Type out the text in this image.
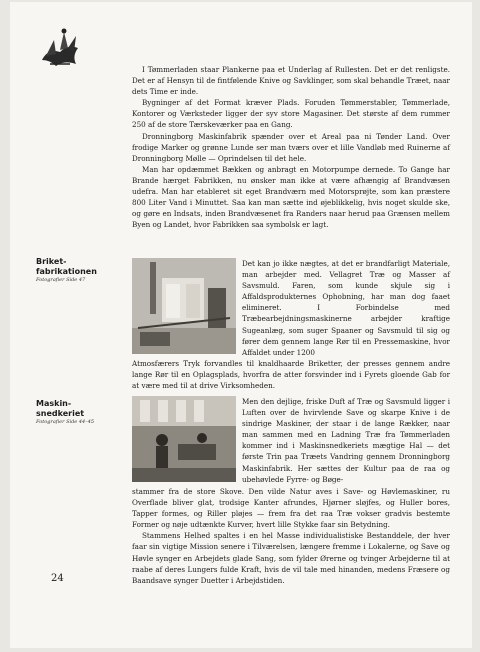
I Tømmerladen staar Plankerne paa et Underlag af Rullesten. Det er det renligste. Det er af Hensyn til de fintfølende Knive og Savklinger, som skal behandle Træet, naar dets Time er inde.

Bygninger af det Format kræver Plads. Foruden Tømmerstabler, Tømmerlade, Kontorer og Værksteder ligger der syv store Magasiner. Det største af dem rummer 250 af de store Tærskeværker paa en Gang.

Dronningborg Maskinfabrik spænder over et Areal paa ni Tønder Land. Over frodige Marker og grønne Lunde ser man tværs over et lille Vandløb med Ruinerne af Dronningborg Mølle — Oprindelsen til det hele.

Man har opdæmmet Bækken og anbragt en Motorpumpe dernede. To Gange har Brande hærget Fabrikken, nu ønsker man ikke at være afhængig af Brandvæsen udefra. Man har etableret sit eget Brandværn med Motorsprøjte, som kan præstere 800 Liter Vand i Minuttet. Saa kan man sætte ind øjeblikkelig, hvis noget skulde ske, og gøre en Indsats, inden Brandvæsenet fra Randers naar herud paa Grænsen mellem Byen og Landet, hvor Fabrikken saa symbolsk er lagt.

Briket-
fabrikationen
Fotografier Side 47

Det kan jo ikke nægtes, at det er brandfarligt Materiale, man arbejder med. Vellagret Træ og Masser af Savsmuld. Faren, som kunde skjule sig i Affaldsprodukternes Ophobning, har man dog faaet elimineret. I Forbindelse med Træbearbejdningsmaskinerne arbejder kraftige Sugeanlæg, som suger Spaaner og Savsmuld til sig og fører dem gennem lange Rør til en Pressemaskine, hvor Affaldet under 1200

Atmosfærers Tryk forvandles til knaldhaarde Briketter, der presses gennem andre lange Rør til en Oplagsplads, hvorfra de atter forsvinder ind i Fyrets gloende Gab for at være med til at drive Virksomheden.

Maskin-
snedkeriet
Fotografier Side 44–45

Men den dejlige, friske Duft af Træ og Savsmuld ligger i Luften over de hvirvlende Save og skarpe Knive i de sindrige Maskiner, der staar i de lange Rækker, naar man sammen med en Ladning Træ fra Tømmerladen kommer ind i Maskinsnedkeriets mægtige Hal — det første Trin paa Træets Vandring gennem Dronningborg Maskinfabrik. Her sættes der Kultur paa de raa og ubehøvlede Fyrre- og Bøge-

stammer fra de store Skove. Den vilde Natur aves i Save- og Høvlemaskiner, ru Overflade bliver glat, trodsige Kanter afrundes, Hjørner sløjfes, og Huller bores, Tapper formes, og Riller pløjes — frem fra det raa Træ vokser gradvis bestemte Former og nøje udtænkte Kurver, hvert lille Stykke faar sin Betydning.

Stammens Helhed spaltes i en hel Masse individualistiske Bestanddele, der hver faar sin vigtige Mission senere i Tilværelsen, længere fremme i Lokalerne, og Save og Høvle synger en Arbejdets glade Sang, som fylder Ørerne og tvinger Arbejderne til at raabe af deres Lungers fulde Kraft, hvis de vil tale med hinanden, medens Fræsere og Baandsave synger Duetter i Arbejdstiden.

24
